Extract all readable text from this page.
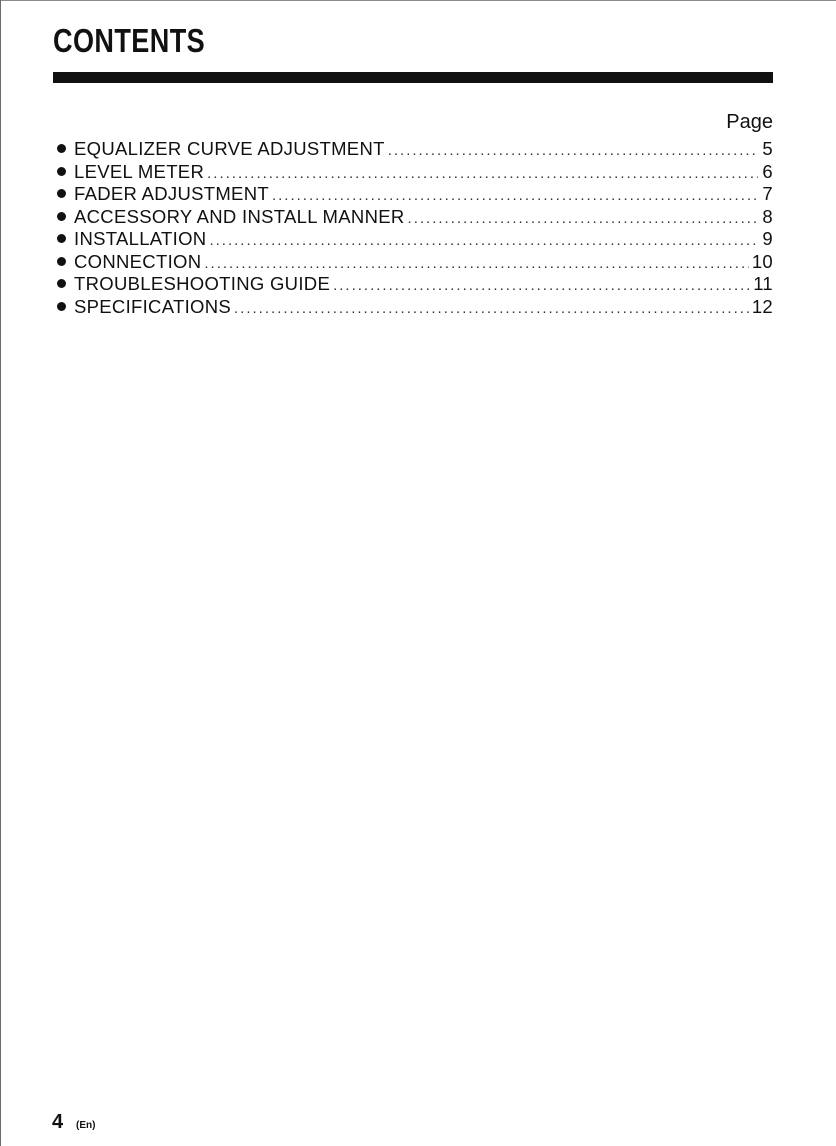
CONTENTS
Page
EQUALIZER CURVE ADJUSTMENT .....	5
LEVEL METER .....	6
FADER ADJUSTMENT .....	7
ACCESSORY AND INSTALL MANNER .....	8
INSTALLATION .....	9
CONNECTION .....	10
TROUBLESHOOTING GUIDE .....	11
SPECIFICATIONS .....	12
4 (En)
